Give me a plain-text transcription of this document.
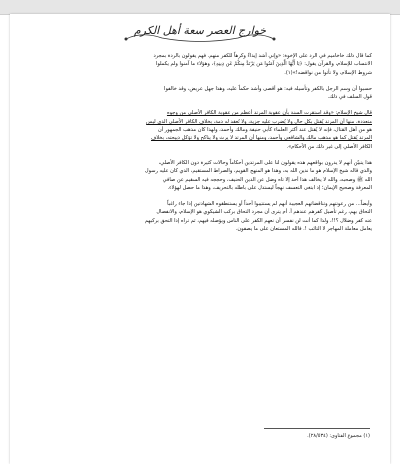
خوارج العصر سعة أهل الكرم

كما قال ذلك خاخاميم في الرد على الإخوة: «وإني أشد إيذاءً وكرهاً للكفر منهم. فهم يقولون بالردة بمجرد
الانتساب للإسلام، والقرآن يقول: ﴿يَا أَيُّهَا الَّذِينَ آمَنُوا مَن يَرْتَدَّ مِنكُمْ عَن دِينِهِ﴾، وهؤلاء ما آمنوا ولم يكملوا
شروط الإسلام، ولا تأتوا من نواقضه!»(١).

حسبوا أن وسم الرجل بالكفر وتأسيله فيه: هو أقصى وأشد حكماً عليه، وهذا جهل عريض، وقد خالفوا
قول السلف في ذلك.

قال شيخ الإسلام: «وقد استقرت السنة بأن عقوبة المرتد أعظم من عقوبة الكافر الأصلي من وجوه
متعددة، منها أن المرتد يُقتل بكل حال ولا يُضرب عليه جزية، ولا تُعقد له ذمة، بخلاف الكافر الأصلي الذي ليس
هو من أهل القتال، فإنه لا يُقتل عند أكثر العلماء كأبي حنيفة ومالك وأحمد، ولهذا كان مذهب الجمهور أن
المرتد يُقتل كما هو مذهب مالك والشافعي وأحمد، ومنها أن المرتد لا يرث ولا يناكح ولا تؤكل ذبيحته، بخلاف
الكافر الأصلي إلى غير ذلك من الأحكام».

هذا يتبيّن أنهم لا يدرون بواقعهم هذه يقولون لنا على المرتدين أحكاماً وحالات كثيرة دون الكافر الأصلي،
والذي قاله شيخ الإسلام هو ما ندين الله به، وهذا هو المنهج القويم، والصراط المستقيم، الذي كان عليه رسول
الله ﷺ وصحبه، والله لا يخالف هذا أحد إلا تاه وضل عن الدين الحنيف، وحججه فيه السقيم عن صافي
المعرفة وصحيح الإيمان؛ إذ ابتغى التعسف نهجاً ليستدل على باطله بالتحريف، وهذا ما حصل لهؤلاء.

وأيضاً... من رعونتهم وتناقضاتهم العجيبة أنهم لم يستتيبوا أحداً أو يستنطقوه الشهادتين إذا جاء راغباً
التحاق بهم، رغم تأصيل كفرهم عندهم أ. أم يترى أن مجرد التحاق بركب الشيكوي هو الإسلام، والانفصال
عنه كفر وضلال ؟!!، ولذا كما أنت لن نفسر أن نعهم الكفر على الناس ويؤصله فيهم، ثم تراه إذا التحق بركبهم
يعامل معاملة المهاجر لا التائب !. فالله المستعان على ما يصفون.

(١) مجموع الفتاوى: (٢٨/٥٣٤).
